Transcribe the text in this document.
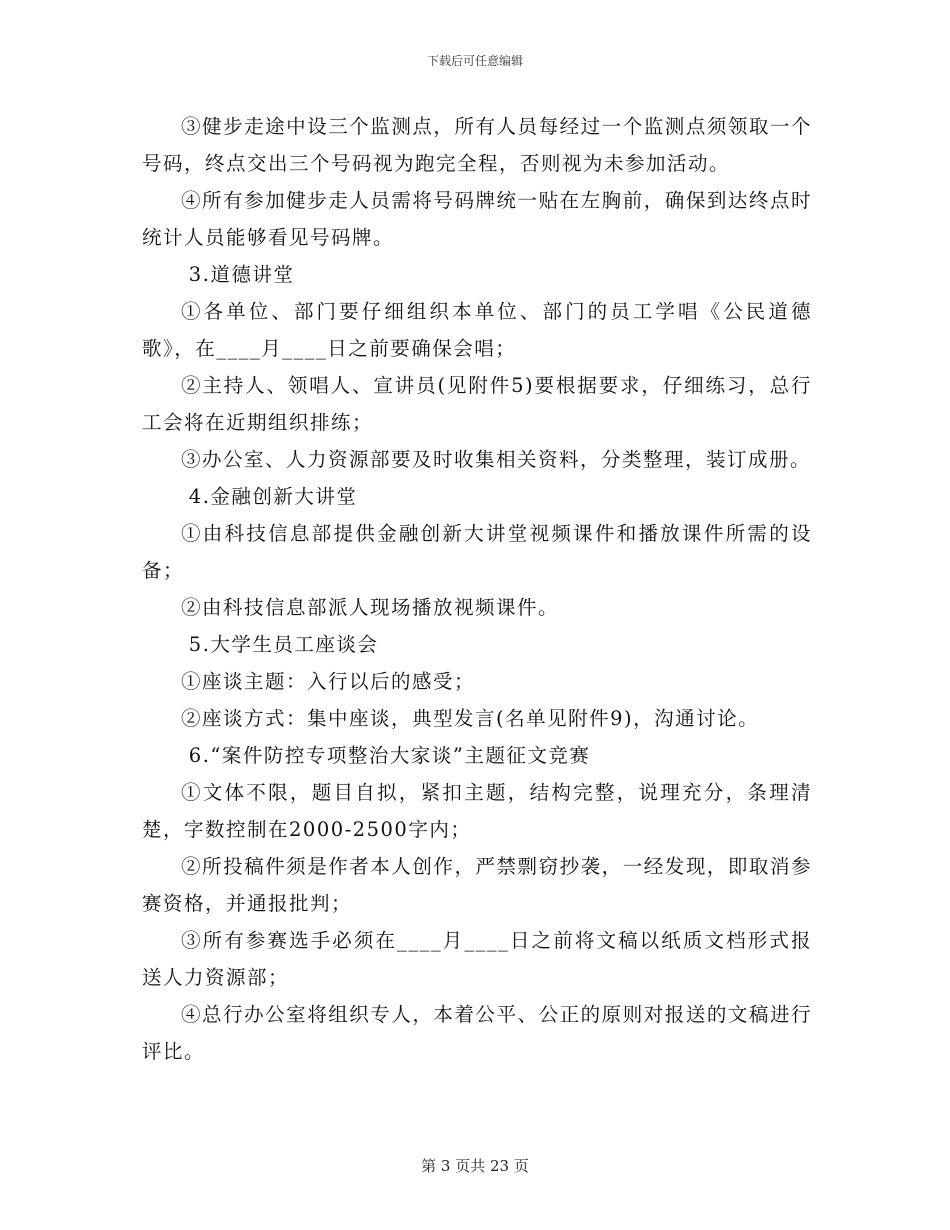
下载后可任意编辑

③健步走途中设三个监测点，所有人员每经过一个监测点须领取一个号码，终点交出三个号码视为跑完全程，否则视为未参加活动。

④所有参加健步走人员需将号码牌统一贴在左胸前，确保到达终点时统计人员能够看见号码牌。

3.道德讲堂

①各单位、部门要仔细组织本单位、部门的员工学唱《公民道德歌》，在____月____日之前要确保会唱；

②主持人、领唱人、宣讲员(见附件5)要根据要求，仔细练习，总行工会将在近期组织排练；

③办公室、人力资源部要及时收集相关资料，分类整理，装订成册。

4.金融创新大讲堂

①由科技信息部提供金融创新大讲堂视频课件和播放课件所需的设备；

②由科技信息部派人现场播放视频课件。

5.大学生员工座谈会

①座谈主题：入行以后的感受；

②座谈方式：集中座谈，典型发言(名单见附件9)，沟通讨论。

6.“案件防控专项整治大家谈”主题征文竞赛

①文体不限，题目自拟，紧扣主题，结构完整，说理充分，条理清楚，字数控制在2000-2500字内；

②所投稿件须是作者本人创作，严禁剽窃抄袭，一经发现，即取消参赛资格，并通报批判；

③所有参赛选手必须在____月____日之前将文稿以纸质文档形式报送人力资源部；

④总行办公室将组织专人，本着公平、公正的原则对报送的文稿进行评比。

第 3 页共 23 页
